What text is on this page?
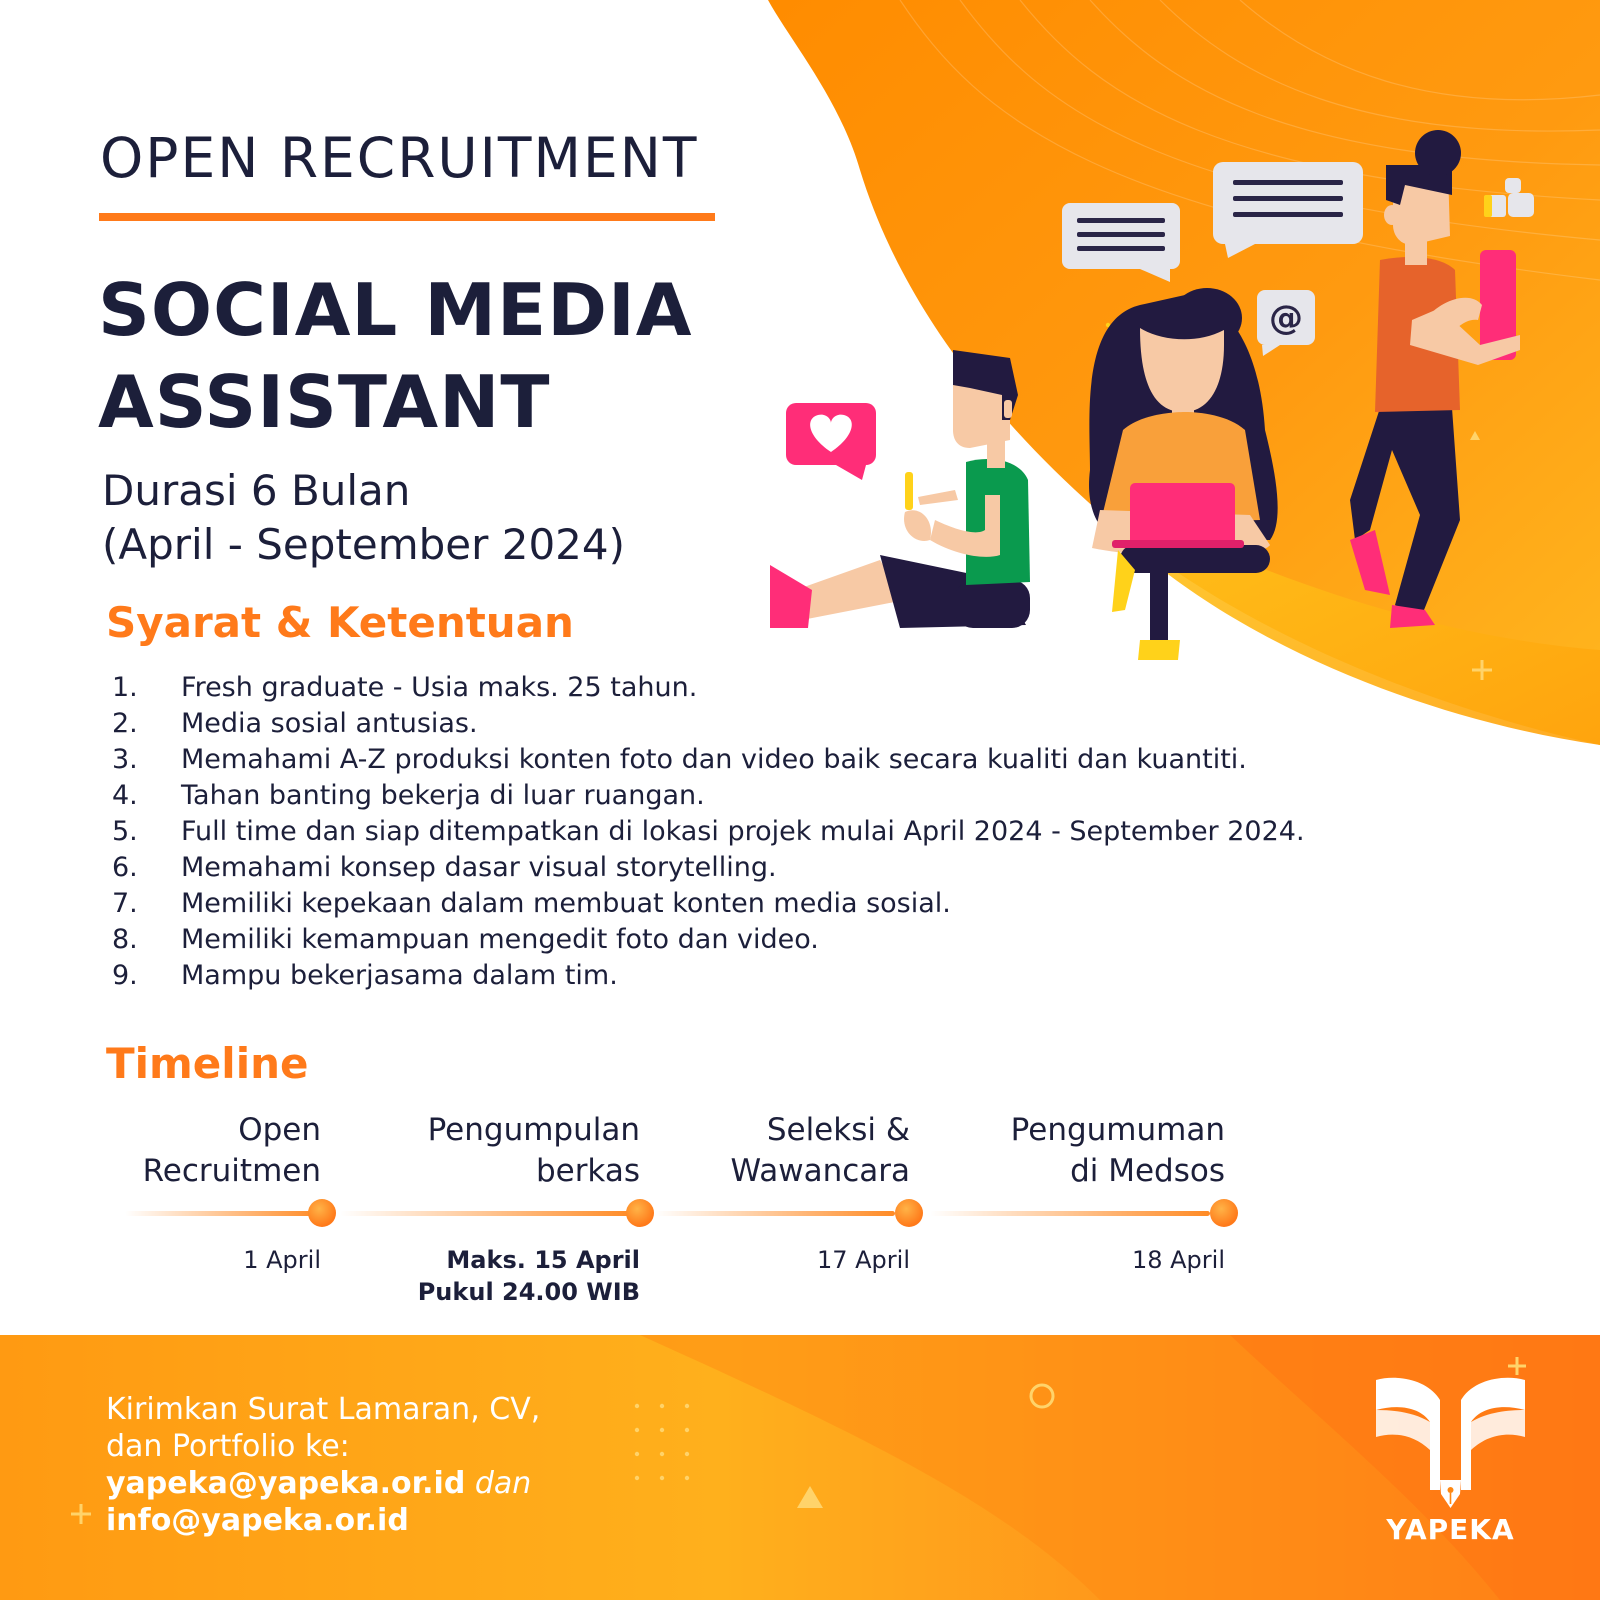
@
OPEN RECRUITMENT
SOCIAL MEDIA
ASSISTANT
Durasi 6 Bulan
(April - September 2024)
Syarat & Ketentuan
1. Fresh graduate - Usia maks. 25 tahun.
2. Media sosial antusias.
3. Memahami A-Z produksi konten foto dan video baik secara kualiti dan kuantiti.
4. Tahan banting bekerja di luar ruangan.
5. Full time dan siap ditempatkan di lokasi projek mulai April 2024 - September 2024.
6. Memahami konsep dasar visual storytelling.
7. Memiliki kepekaan dalam membuat konten media sosial.
8. Memiliki kemampuan mengedit foto dan video.
9. Mampu bekerjasama dalam tim.
Timeline
Open
Recruitmen
1 April
Pengumpulan
berkas
Maks. 15 April
Pukul 24.00 WIB
Seleksi &
Wawancara
17 April
Pengumuman
di Medsos
18 April
Kirimkan Surat Lamaran, CV,
dan Portfolio ke:
yapeka@yapeka.or.id dan
info@yapeka.or.id	YAPEKA
